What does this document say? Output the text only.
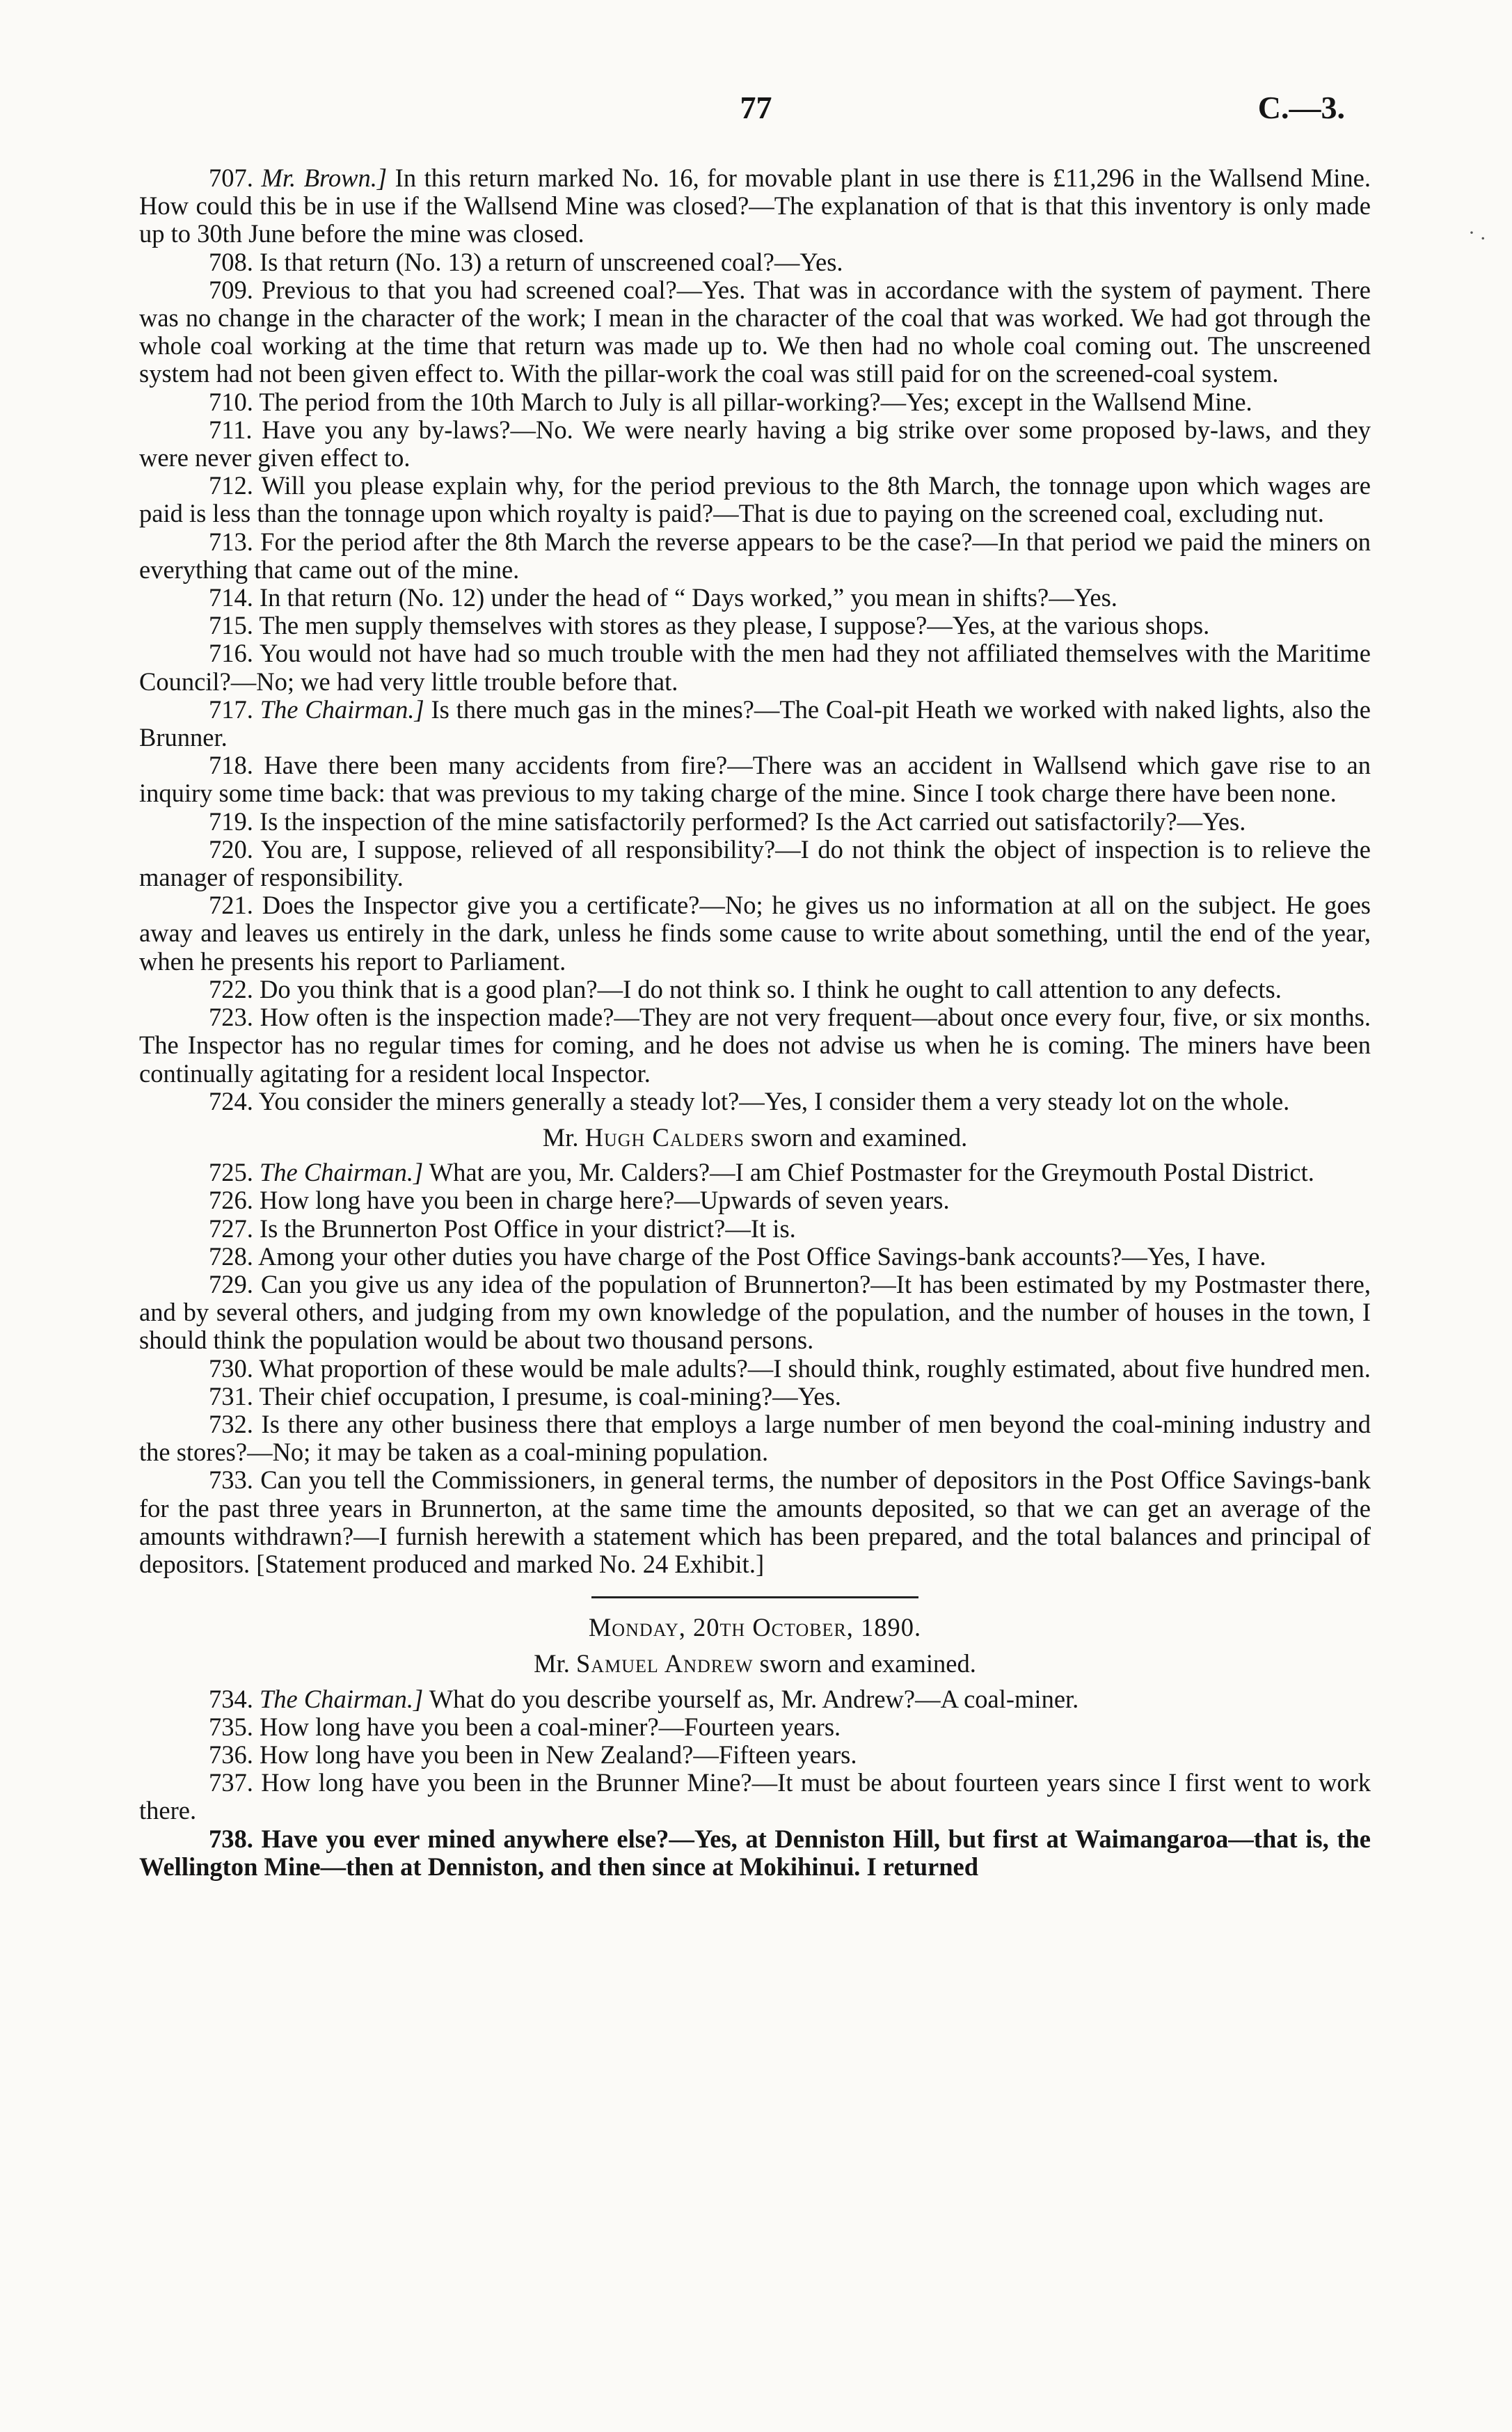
77	C.—3.
· .

707. Mr. Brown.] In this return marked No. 16, for movable plant in use there is £11,296 in the Wallsend Mine. How could this be in use if the Wallsend Mine was closed?—The explanation of that is that this inventory is only made up to 30th June before the mine was closed.

708. Is that return (No. 13) a return of unscreened coal?—Yes.

709. Previous to that you had screened coal?—Yes. That was in accordance with the system of payment. There was no change in the character of the work; I mean in the character of the coal that was worked. We had got through the whole coal working at the time that return was made up to. We then had no whole coal coming out. The unscreened system had not been given effect to. With the pillar-work the coal was still paid for on the screened-coal system.

710. The period from the 10th March to July is all pillar-working?—Yes; except in the Wallsend Mine.

711. Have you any by-laws?—No. We were nearly having a big strike over some proposed by-laws, and they were never given effect to.

712. Will you please explain why, for the period previous to the 8th March, the tonnage upon which wages are paid is less than the tonnage upon which royalty is paid?—That is due to paying on the screened coal, excluding nut.

713. For the period after the 8th March the reverse appears to be the case?—In that period we paid the miners on everything that came out of the mine.

714. In that return (No. 12) under the head of “ Days worked,” you mean in shifts?—Yes.

715. The men supply themselves with stores as they please, I suppose?—Yes, at the various shops.

716. You would not have had so much trouble with the men had they not affiliated themselves with the Maritime Council?—No; we had very little trouble before that.

717. The Chairman.] Is there much gas in the mines?—The Coal-pit Heath we worked with naked lights, also the Brunner.

718. Have there been many accidents from fire?—There was an accident in Wallsend which gave rise to an inquiry some time back: that was previous to my taking charge of the mine. Since I took charge there have been none.

719. Is the inspection of the mine satisfactorily performed? Is the Act carried out satisfactorily?—Yes.

720. You are, I suppose, relieved of all responsibility?—I do not think the object of inspection is to relieve the manager of responsibility.

721. Does the Inspector give you a certificate?—No; he gives us no information at all on the subject. He goes away and leaves us entirely in the dark, unless he finds some cause to write about something, until the end of the year, when he presents his report to Parliament.

722. Do you think that is a good plan?—I do not think so. I think he ought to call attention to any defects.

723. How often is the inspection made?—They are not very frequent—about once every four, five, or six months. The Inspector has no regular times for coming, and he does not advise us when he is coming. The miners have been continually agitating for a resident local Inspector.

724. You consider the miners generally a steady lot?—Yes, I consider them a very steady lot on the whole.

Mr. Hugh Calders sworn and examined.

725. The Chairman.] What are you, Mr. Calders?—I am Chief Postmaster for the Greymouth Postal District.

726. How long have you been in charge here?—Upwards of seven years.

727. Is the Brunnerton Post Office in your district?—It is.

728. Among your other duties you have charge of the Post Office Savings-bank accounts?—Yes, I have.

729. Can you give us any idea of the population of Brunnerton?—It has been estimated by my Postmaster there, and by several others, and judging from my own knowledge of the population, and the number of houses in the town, I should think the population would be about two thousand persons.

730. What proportion of these would be male adults?—I should think, roughly estimated, about five hundred men.

731. Their chief occupation, I presume, is coal-mining?—Yes.

732. Is there any other business there that employs a large number of men beyond the coal-mining industry and the stores?—No; it may be taken as a coal-mining population.

733. Can you tell the Commissioners, in general terms, the number of depositors in the Post Office Savings-bank for the past three years in Brunnerton, at the same time the amounts deposited, so that we can get an average of the amounts withdrawn?—I furnish herewith a statement which has been prepared, and the total balances and principal of depositors. [Statement produced and marked No. 24 Exhibit.]

Monday, 20th October, 1890.

Mr. Samuel Andrew sworn and examined.

734. The Chairman.] What do you describe yourself as, Mr. Andrew?—A coal-miner.

735. How long have you been a coal-miner?—Fourteen years.

736. How long have you been in New Zealand?—Fifteen years.

737. How long have you been in the Brunner Mine?—It must be about fourteen years since I first went to work there.

738. Have you ever mined anywhere else?—Yes, at Denniston Hill, but first at Waimangaroa—that is, the Wellington Mine—then at Denniston, and then since at Mokihinui. I returned
